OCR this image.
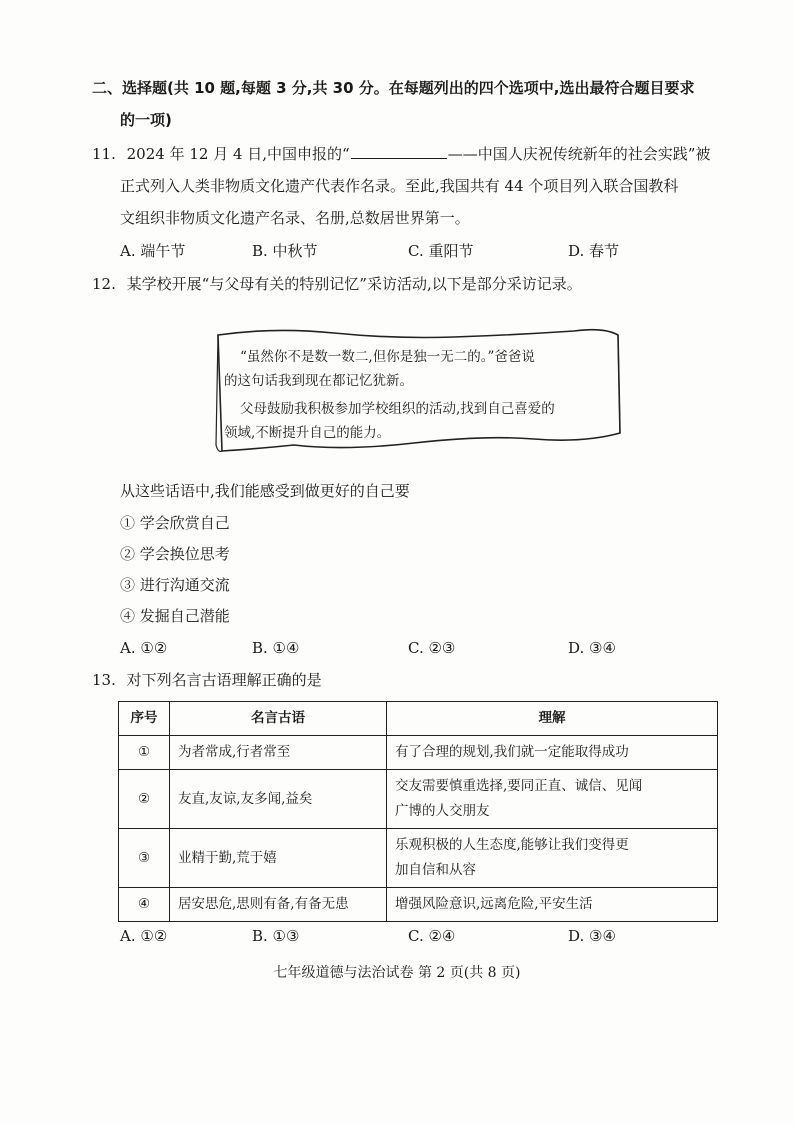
二、选择题(共 10 题,每题 3 分,共 30 分。在每题列出的四个选项中,选出最符合题目要求
的一项)
11. 2024 年 12 月 4 日,中国申报的“	——中国人庆祝传统新年的社会实践”被
正式列入人类非物质文化遗产代表作名录。至此,我国共有 44 个项目列入联合国教科
文组织非物质文化遗产名录、名册,总数居世界第一。
A. 端午节	B. 中秋节	C. 重阳节	D. 春节
12. 某学校开展“与父母有关的特别记忆”采访活动,以下是部分采访记录。
“虽然你不是数一数二,但你是独一无二的。”爸爸说
的这句话我到现在都记忆犹新。
父母鼓励我积极参加学校组织的活动,找到自己喜爱的
领域,不断提升自己的能力。
从这些话语中,我们能感受到做更好的自己要
① 学会欣赏自己
② 学会换位思考
③ 进行沟通交流
④ 发掘自己潜能
A. ①②	B. ①④	C. ②③	D. ③④
13. 对下列名言古语理解正确的是
序号	名言古语	理解
①	为者常成,行者常至	有了合理的规划,我们就一定能取得成功
②	友直,友谅,友多闻,益矣	交友需要慎重选择,要同正直、诚信、见闻
广博的人交朋友
③	业精于勤,荒于嬉	乐观积极的人生态度,能够让我们变得更
加自信和从容
④	居安思危,思则有备,有备无患	增强风险意识,远离危险,平安生活
A. ①②	B. ①③	C. ②④	D. ③④
七年级道德与法治试卷 第 2 页(共 8 页)
